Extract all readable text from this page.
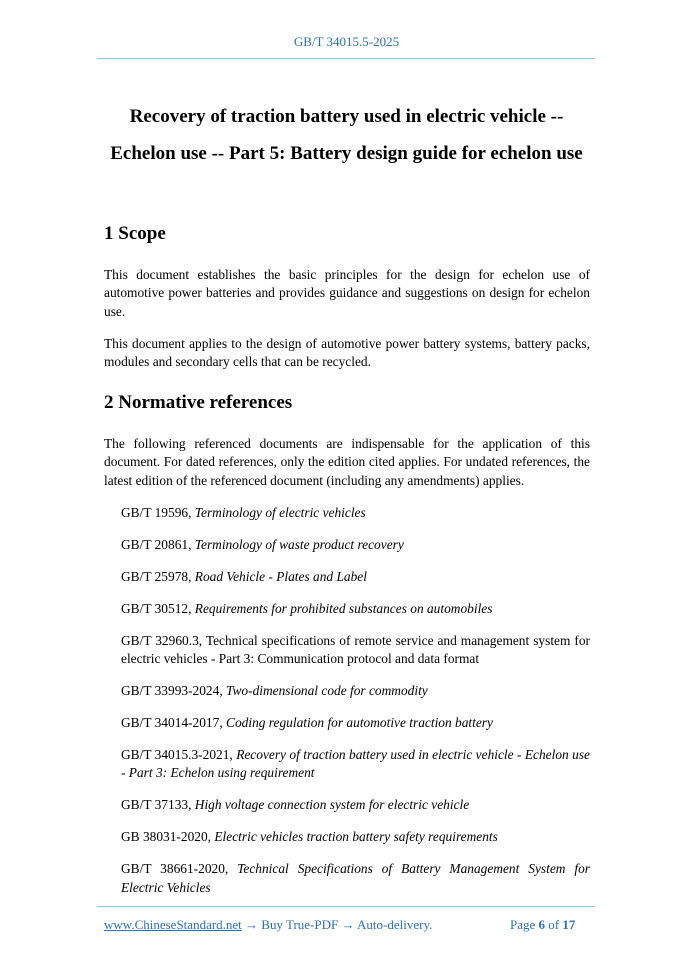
GB/T 34015.5-2025
Recovery of traction battery used in electric vehicle --
Echelon use -- Part 5: Battery design guide for echelon use
1 Scope
This document establishes the basic principles for the design for echelon use of automotive power batteries and provides guidance and suggestions on design for echelon use.
This document applies to the design of automotive power battery systems, battery packs, modules and secondary cells that can be recycled.
2 Normative references
The following referenced documents are indispensable for the application of this document. For dated references, only the edition cited applies. For undated references, the latest edition of the referenced document (including any amendments) applies.

GB/T 19596, Terminology of electric vehicles

GB/T 20861, Terminology of waste product recovery

GB/T 25978, Road Vehicle - Plates and Label

GB/T 30512, Requirements for prohibited substances on automobiles

GB/T 32960.3, Technical specifications of remote service and management system for electric vehicles - Part 3: Communication protocol and data format

GB/T 33993-2024, Two-dimensional code for commodity

GB/T 34014-2017, Coding regulation for automotive traction battery

GB/T 34015.3-2021, Recovery of traction battery used in electric vehicle - Echelon use - Part 3: Echelon using requirement

GB/T 37133, High voltage connection system for electric vehicle

GB 38031-2020, Electric vehicles traction battery safety requirements

GB/T 38661-2020, Technical Specifications of Battery Management System for Electric Vehicles

www.ChineseStandard.net → Buy True-PDF → Auto-delivery.	Page 6 of 17
